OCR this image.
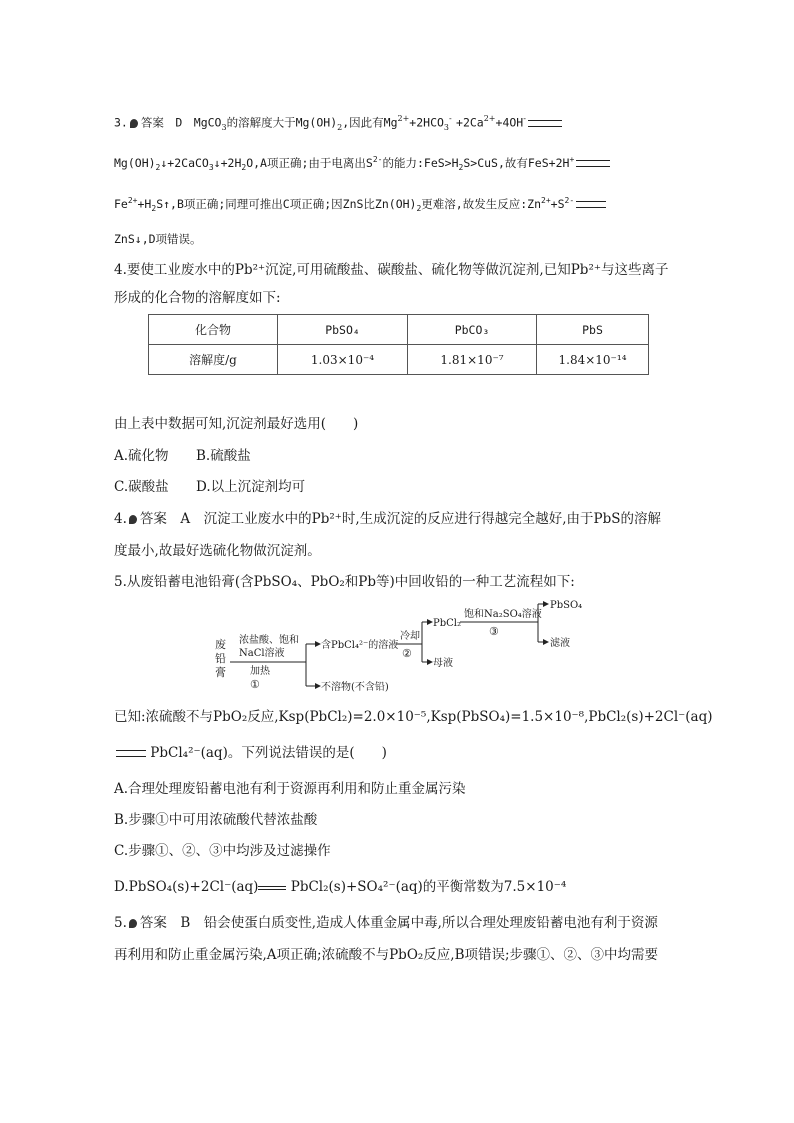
3. 答案　D　MgCO$_3$的溶解度大于$Mg(OH)_2$,因此有$Mg^{2+}+2HCO_3^- +2Ca^{2+}+4OH^-$
$Mg(OH)_2↓+2CaCO_3↓+2H_2O,A$项正确;由于电离出$S^{2-}$的能力$:FeS>H_2S>CuS$,故有FeS+2H+
$Fe^{2+}+H_2S↑,B$项正确;同理可推出C项正确;因ZnS比$Zn(OH)_2$更难溶,故发生反应$:Zn^{2+}+S^{2-}$
ZnS↓,D项错误。
4.要使工业废水中的Pb²⁺沉淀,可用硫酸盐、碳酸盐、硫化物等做沉淀剂,已知Pb²⁺与这些离子
形成的化合物的溶解度如下:
化合物	PbSO₄	PbCO₃	PbS
溶解度/g	1.03×10⁻⁴	1.81×10⁻⁷	1.84×10⁻¹⁴
由上表中数据可知,沉淀剂最好选用(　　)
A.硫化物 B.硫酸盐
C.碳酸盐 D.以上沉淀剂均可
4. 答案　A　沉淀工业废水中的Pb²⁺时,生成沉淀的反应进行得越完全越好,由于PbS的溶解
度最小,故最好选硫化物做沉淀剂。
5.从废铅蓄电池铅膏(含PbSO₄、PbO₂和Pb等)中回收铅的一种工艺流程如下:
废
铅
膏
浓盐酸、饱和
NaCl溶液
加热
①
含PbCl₄²⁻的溶液
不溶物(不含铅)
冷却
②
PbCl₂
母液
饱和Na₂SO₄溶液
③
PbSO₄
滤液
已知:浓硫酸不与PbO₂反应,Ksp(PbCl₂)=2.0×10⁻⁵,Ksp(PbSO₄)=1.5×10⁻⁸,PbCl₂(s)+2Cl⁻(aq)
PbCl₄²⁻(aq)。下列说法错误的是(　　)
A.合理处理废铅蓄电池有利于资源再利用和防止重金属污染
B.步骤①中可用浓硫酸代替浓盐酸
C.步骤①、②、③中均涉及过滤操作
D.PbSO₄(s)+2Cl⁻(aq) PbCl₂(s)+SO₄²⁻(aq)的平衡常数为7.5×10⁻⁴
5. 答案　B　铅会使蛋白质变性,造成人体重金属中毒,所以合理处理废铅蓄电池有利于资源
再利用和防止重金属污染,A项正确;浓硫酸不与PbO₂反应,B项错误;步骤①、②、③中均需要
